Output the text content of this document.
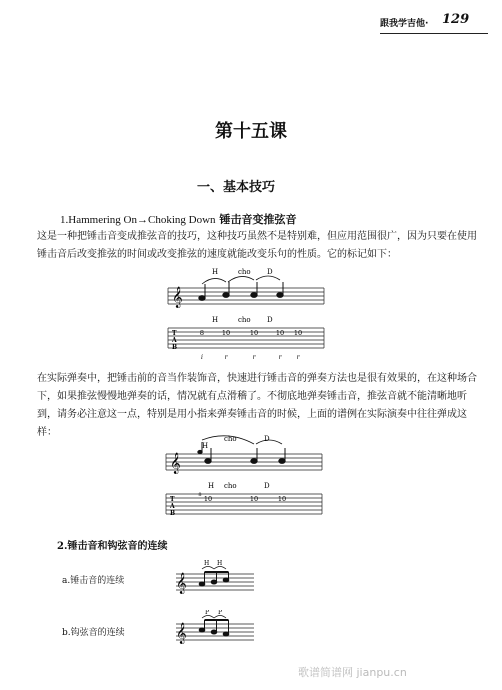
跟我学吉他· 129
第十五课
一、基本技巧
1.Hammering On→Choking Down 锤击音变推弦音
这是一种把锤击音变成推弦音的技巧，这种技巧虽然不是特别难，但应用范围很广，因为只要在使用锤击音后改变推弦的时间或改变推弦的速度就能改变乐句的性质。它的标记如下：
𝄞
H	cho D
H	cho D
T
A
B
8	10	10	10 10
i	r	r	r	r
在实际弹奏中，把锤击前的音当作装饰音，快速进行锤击音的弹奏方法也是很有效果的，在这种场合下，如果推弦慢慢地弹奏的话，情况就有点滑稽了。不彻底地弹奏锤击音，推弦音就不能清晰地听到，请务必注意这一点，特别是用小指来弹奏锤击音的时候，上面的谱例在实际演奏中往往弹成这样：
𝄞
H
cho	D
H cho	D
T
A
B
8 10	10	10
2.锤击音和钩弦音的连续
a.锤击音的连续	𝄞
H H
b.钩弦音的连续	𝄞
P P
歌谱简谱网 jianpu.cn
